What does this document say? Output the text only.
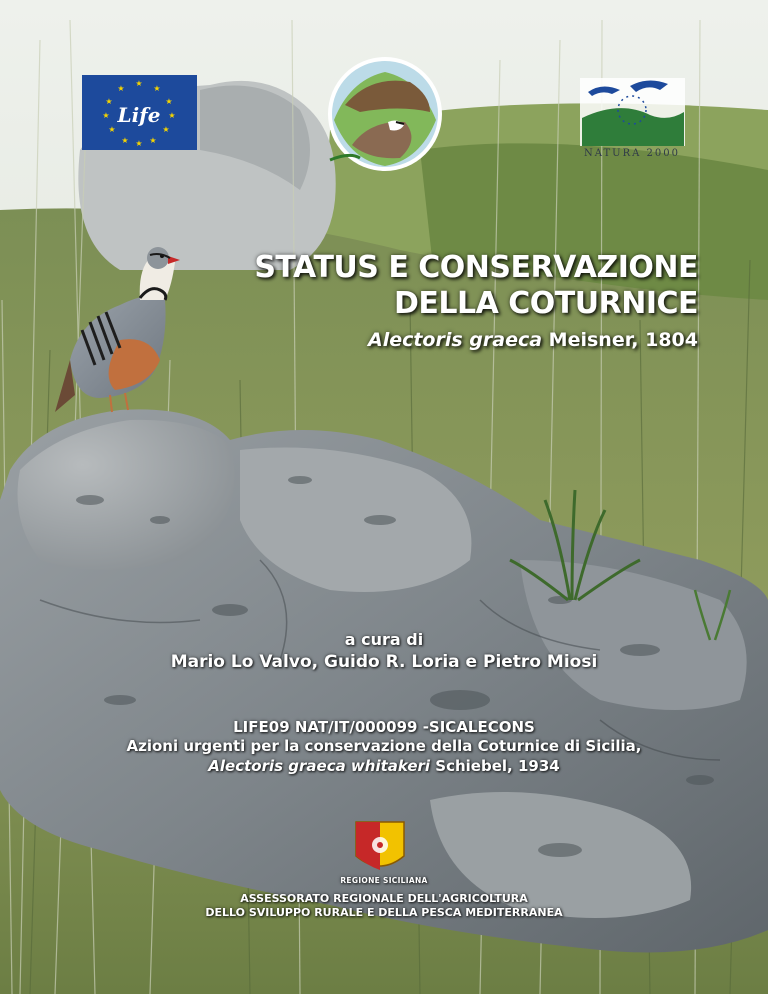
★
★
★
★
★
★
★
★
★
★
★
★
Life
NATURA 2000
STATUS E CONSERVAZIONE
DELLA COTURNICE
Alectoris graeca Meisner, 1804
a cura di
Mario Lo Valvo, Guido R. Loria e Pietro Miosi
LIFE09 NAT/IT/000099 -SICALECONS
Azioni urgenti per la conservazione della Coturnice di Sicilia,
Alectoris graeca whitakeri Schiebel, 1934
REGIONE SICILIANA
ASSESSORATO REGIONALE DELL'AGRICOLTURA
DELLO SVILUPPO RURALE E DELLA PESCA MEDITERRANEA
